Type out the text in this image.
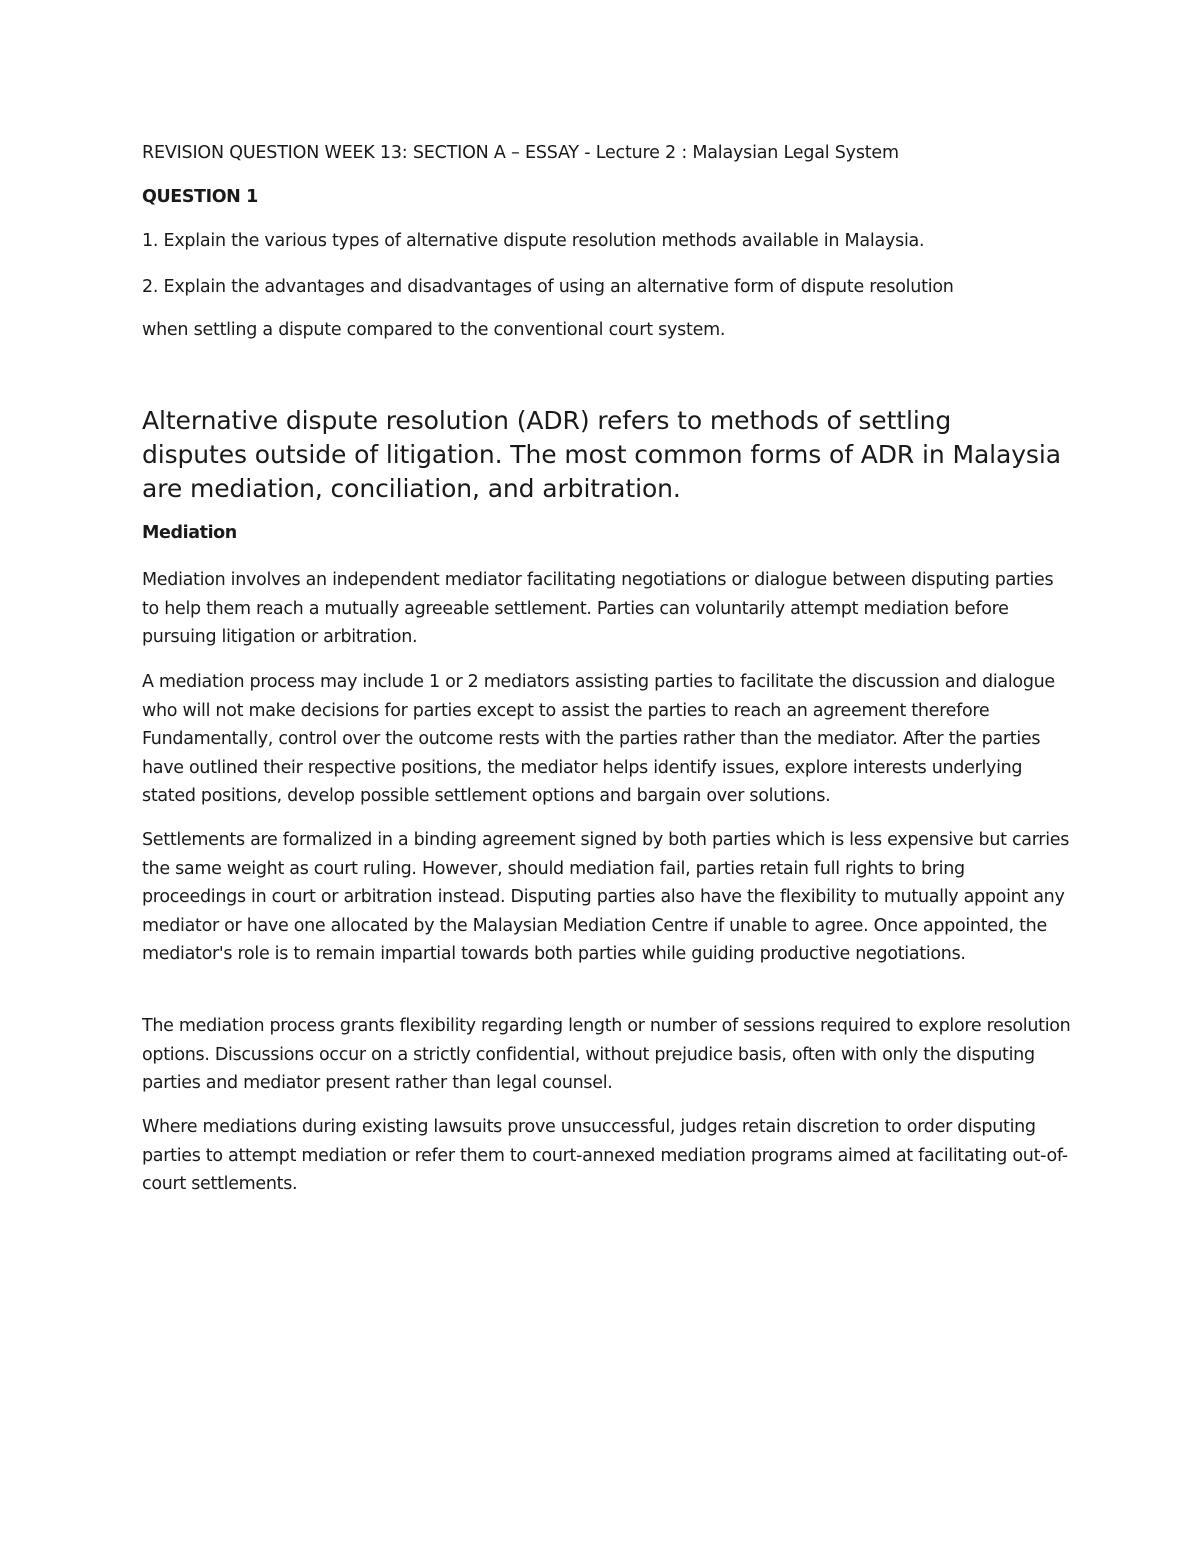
REVISION QUESTION WEEK 13: SECTION A – ESSAY - Lecture 2 : Malaysian Legal System
QUESTION 1
1. Explain the various types of alternative dispute resolution methods available in Malaysia.
2. Explain the advantages and disadvantages of using an alternative form of dispute resolution
when settling a dispute compared to the conventional court system.
Alternative dispute resolution (ADR) refers to methods of settling disputes outside of litigation. The most common forms of ADR in Malaysia are mediation, conciliation, and arbitration.
Mediation

Mediation involves an independent mediator facilitating negotiations or dialogue between disputing parties to help them reach a mutually agreeable settlement. Parties can voluntarily attempt mediation before pursuing litigation or arbitration.

A mediation process may include 1 or 2 mediators assisting parties to facilitate the discussion and dialogue who will not make decisions for parties except to assist the parties to reach an agreement therefore Fundamentally, control over the outcome rests with the parties rather than the mediator. After the parties have outlined their respective positions, the mediator helps identify issues, explore interests underlying stated positions, develop possible settlement options and bargain over solutions.

Settlements are formalized in a binding agreement signed by both parties which is less expensive but carries the same weight as court ruling. However, should mediation fail, parties retain full rights to bring proceedings in court or arbitration instead. Disputing parties also have the flexibility to mutually appoint any mediator or have one allocated by the Malaysian Mediation Centre if unable to agree. Once appointed, the mediator's role is to remain impartial towards both parties while guiding productive negotiations.

The mediation process grants flexibility regarding length or number of sessions required to explore resolution options. Discussions occur on a strictly confidential, without prejudice basis, often with only the disputing parties and mediator present rather than legal counsel.

Where mediations during existing lawsuits prove unsuccessful, judges retain discretion to order disputing parties to attempt mediation or refer them to court-annexed mediation programs aimed at facilitating out-of-court settlements.
